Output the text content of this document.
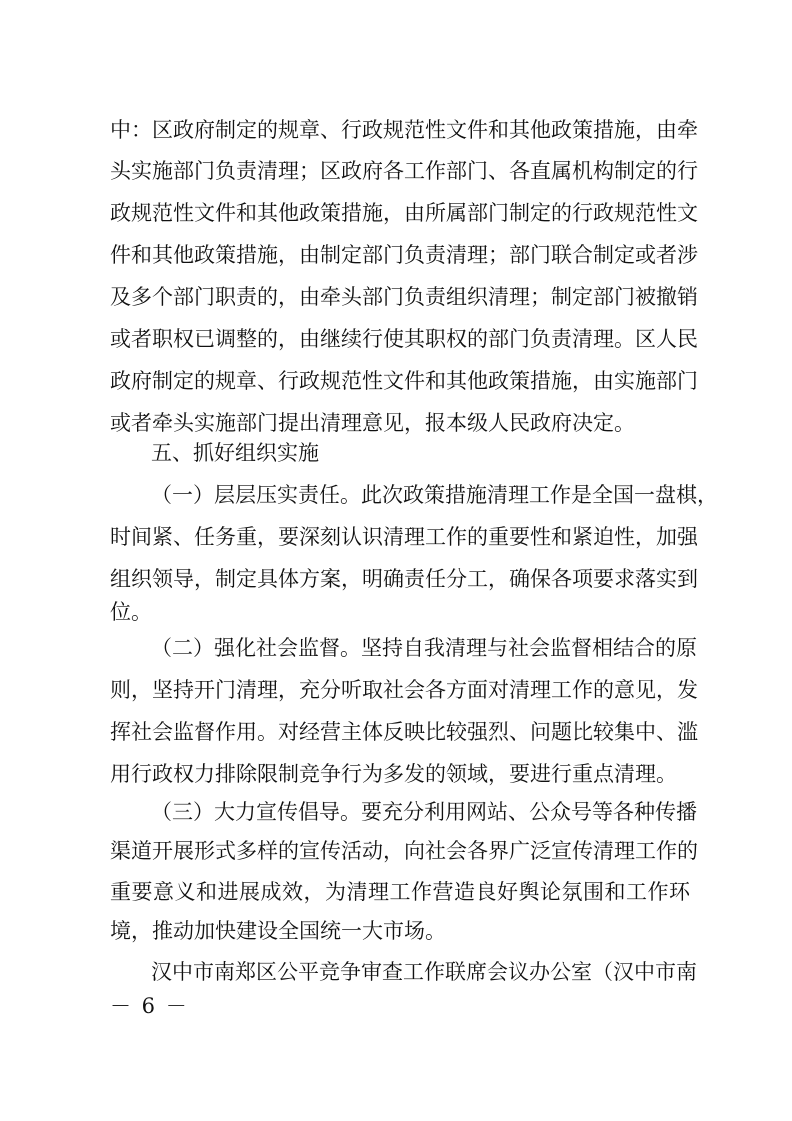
中：区政府制定的规章、行政规范性文件和其他政策措施，由牵
头实施部门负责清理；区政府各工作部门、各直属机构制定的行
政规范性文件和其他政策措施，由所属部门制定的行政规范性文
件和其他政策措施，由制定部门负责清理；部门联合制定或者涉
及多个部门职责的，由牵头部门负责组织清理；制定部门被撤销
或者职权已调整的，由继续行使其职权的部门负责清理。区人民
政府制定的规章、行政规范性文件和其他政策措施，由实施部门
或者牵头实施部门提出清理意见，报本级人民政府决定。
五、抓好组织实施
（一）层层压实责任。此次政策措施清理工作是全国一盘棋，
时间紧、任务重，要深刻认识清理工作的重要性和紧迫性，加强
组织领导，制定具体方案，明确责任分工，确保各项要求落实到
位。
（二）强化社会监督。坚持自我清理与社会监督相结合的原
则，坚持开门清理，充分听取社会各方面对清理工作的意见，发
挥社会监督作用。对经营主体反映比较强烈、问题比较集中、滥
用行政权力排除限制竞争行为多发的领域，要进行重点清理。
（三）大力宣传倡导。要充分利用网站、公众号等各种传播
渠道开展形式多样的宣传活动，向社会各界广泛宣传清理工作的
重要意义和进展成效，为清理工作营造良好舆论氛围和工作环
境，推动加快建设全国统一大市场。
汉中市南郑区公平竞争审查工作联席会议办公室（汉中市南
－ 6 －
